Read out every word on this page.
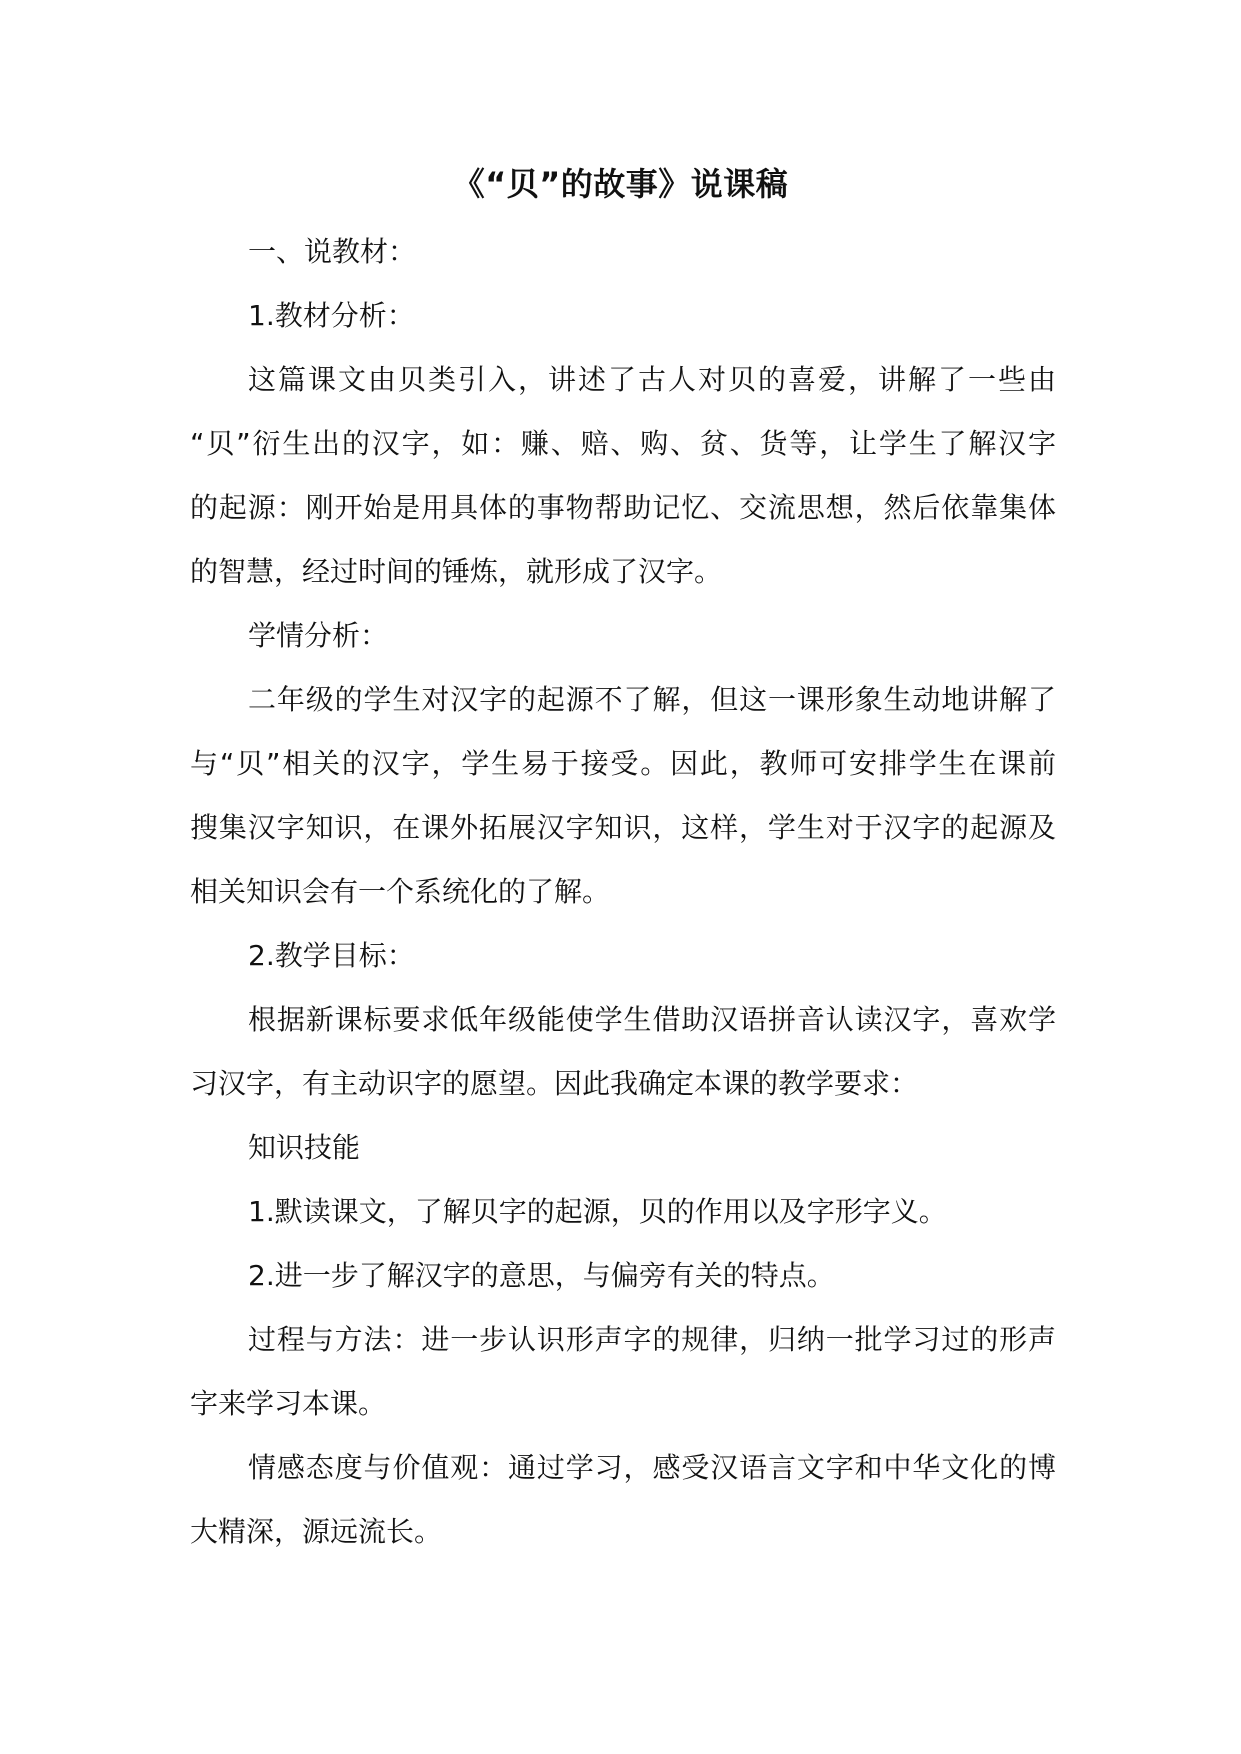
《“贝”的故事》说课稿
一、说教材：
1.教材分析：
这篇课文由贝类引入，讲述了古人对贝的喜爱，讲解了一些由
“贝”衍生出的汉字，如：赚、赔、购、贫、货等，让学生了解汉字
的起源：刚开始是用具体的事物帮助记忆、交流思想，然后依靠集体
的智慧，经过时间的锤炼，就形成了汉字。
学情分析：
二年级的学生对汉字的起源不了解，但这一课形象生动地讲解了
与“贝”相关的汉字，学生易于接受。因此，教师可安排学生在课前
搜集汉字知识，在课外拓展汉字知识，这样，学生对于汉字的起源及
相关知识会有一个系统化的了解。
2.教学目标：
根据新课标要求低年级能使学生借助汉语拼音认读汉字，喜欢学
习汉字，有主动识字的愿望。因此我确定本课的教学要求：
知识技能
1.默读课文，了解贝字的起源，贝的作用以及字形字义。
2.进一步了解汉字的意思，与偏旁有关的特点。
过程与方法：进一步认识形声字的规律，归纳一批学习过的形声
字来学习本课。
情感态度与价值观：通过学习，感受汉语言文字和中华文化的博
大精深，源远流长。
